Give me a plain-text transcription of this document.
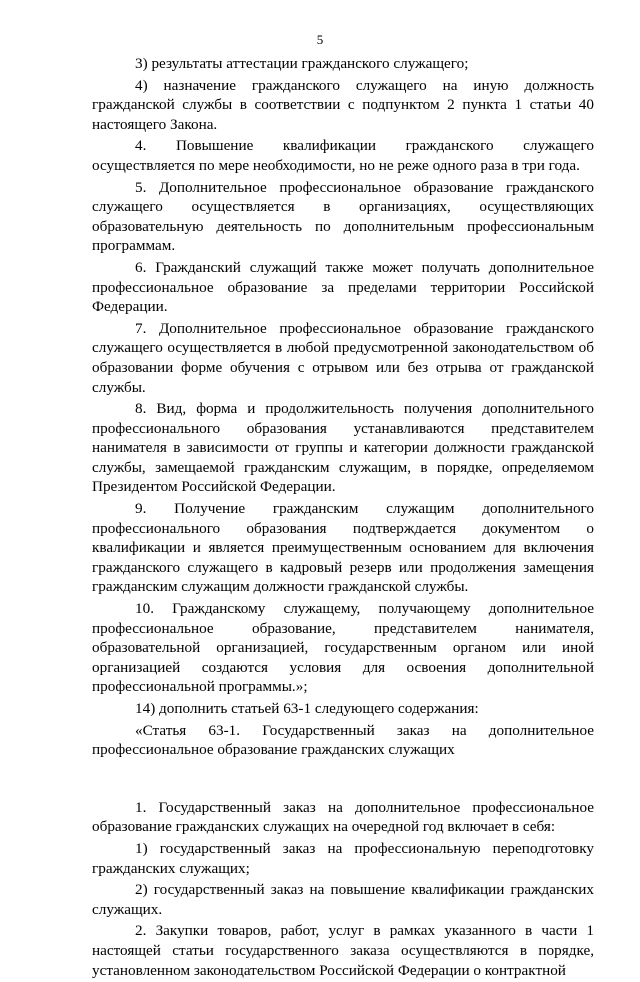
5

3) результаты аттестации гражданского служащего;

4) назначение гражданского служащего на иную должность гражданской службы в соответствии с подпунктом 2 пункта 1 статьи 40 настоящего Закона.

4. Повышение квалификации гражданского служащего осуществляется по мере необходимости, но не реже одного раза в три года.

5. Дополнительное профессиональное образование гражданского служащего осуществляется в организациях, осуществляющих образовательную деятельность по дополнительным профессиональным программам.

6. Гражданский служащий также может получать дополнительное профессиональное образование за пределами территории Российской Федерации.

7. Дополнительное профессиональное образование гражданского служащего осуществляется в любой предусмотренной законодательством об образовании форме обучения с отрывом или без отрыва от гражданской службы.

8. Вид, форма и продолжительность получения дополнительного профессионального образования устанавливаются представителем нанимателя в зависимости от группы и категории должности гражданской службы, замещаемой гражданским служащим, в порядке, определяемом Президентом Российской Федерации.

9. Получение гражданским служащим дополнительного профессионального образования подтверждается документом о квалификации и является преимущественным основанием для включения гражданского служащего в кадровый резерв или продолжения замещения гражданским служащим должности гражданской службы.

10. Гражданскому служащему, получающему дополнительное профессиональное образование, представителем нанимателя, образовательной организацией, государственным органом или иной организацией создаются условия для освоения дополнительной профессиональной программы.»;

14) дополнить статьей 63-1 следующего содержания:

«Статья 63-1. Государственный заказ на дополнительное профессиональное образование гражданских служащих

1. Государственный заказ на дополнительное профессиональное образование гражданских служащих на очередной год включает в себя:

1) государственный заказ на профессиональную переподготовку гражданских служащих;

2) государственный заказ на повышение квалификации гражданских служащих.

2. Закупки товаров, работ, услуг в рамках указанного в части 1 настоящей статьи государственного заказа осуществляются в порядке, установленном законодательством Российской Федерации о контрактной
